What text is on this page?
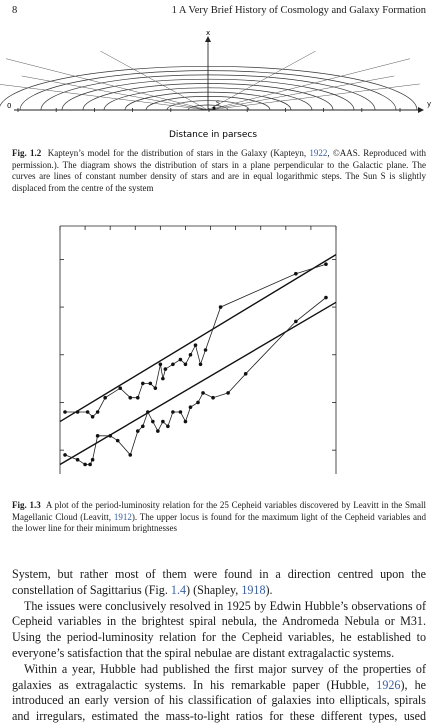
8	1 A Very Brief History of Cosmology and Galaxy Formation
x
y
0	S
Distance in parsecs
Fig. 1.2 Kapteyn’s model for the distribution of stars in the Galaxy (Kapteyn, 1922, ©AAS. Reproduced with permission.). The diagram shows the distribution of stars in a plane perpendicular to the Galactic plane. The curves are lines of constant number density of stars and are in equal logarithmic steps. The Sun S is slightly displaced from the centre of the system
Fig. 1.3 A plot of the period-luminosity relation for the 25 Cepheid variables discovered by Leavitt in the Small Magellanic Cloud (Leavitt, 1912). The upper locus is found for the maximum light of the Cepheid variables and the lower line for their minimum brightnesses

System, but rather most of them were found in a direction centred upon the constellation of Sagittarius (Fig. 1.4) (Shapley, 1918).

The issues were conclusively resolved in 1925 by Edwin Hubble’s observations of Cepheid variables in the brightest spiral nebula, the Andromeda Nebula or M31. Using the period-luminosity relation for the Cepheid variables, he established to everyone’s satisfaction that the spiral nebulae are distant extragalactic systems.

Within a year, Hubble had published the first major survey of the properties of galaxies as extragalactic systems. In his remarkable paper (Hubble, 1926), he introduced an early version of his classification of galaxies into ellipticals, spirals and irregulars, estimated the mass-to-light ratios for these different types, used
